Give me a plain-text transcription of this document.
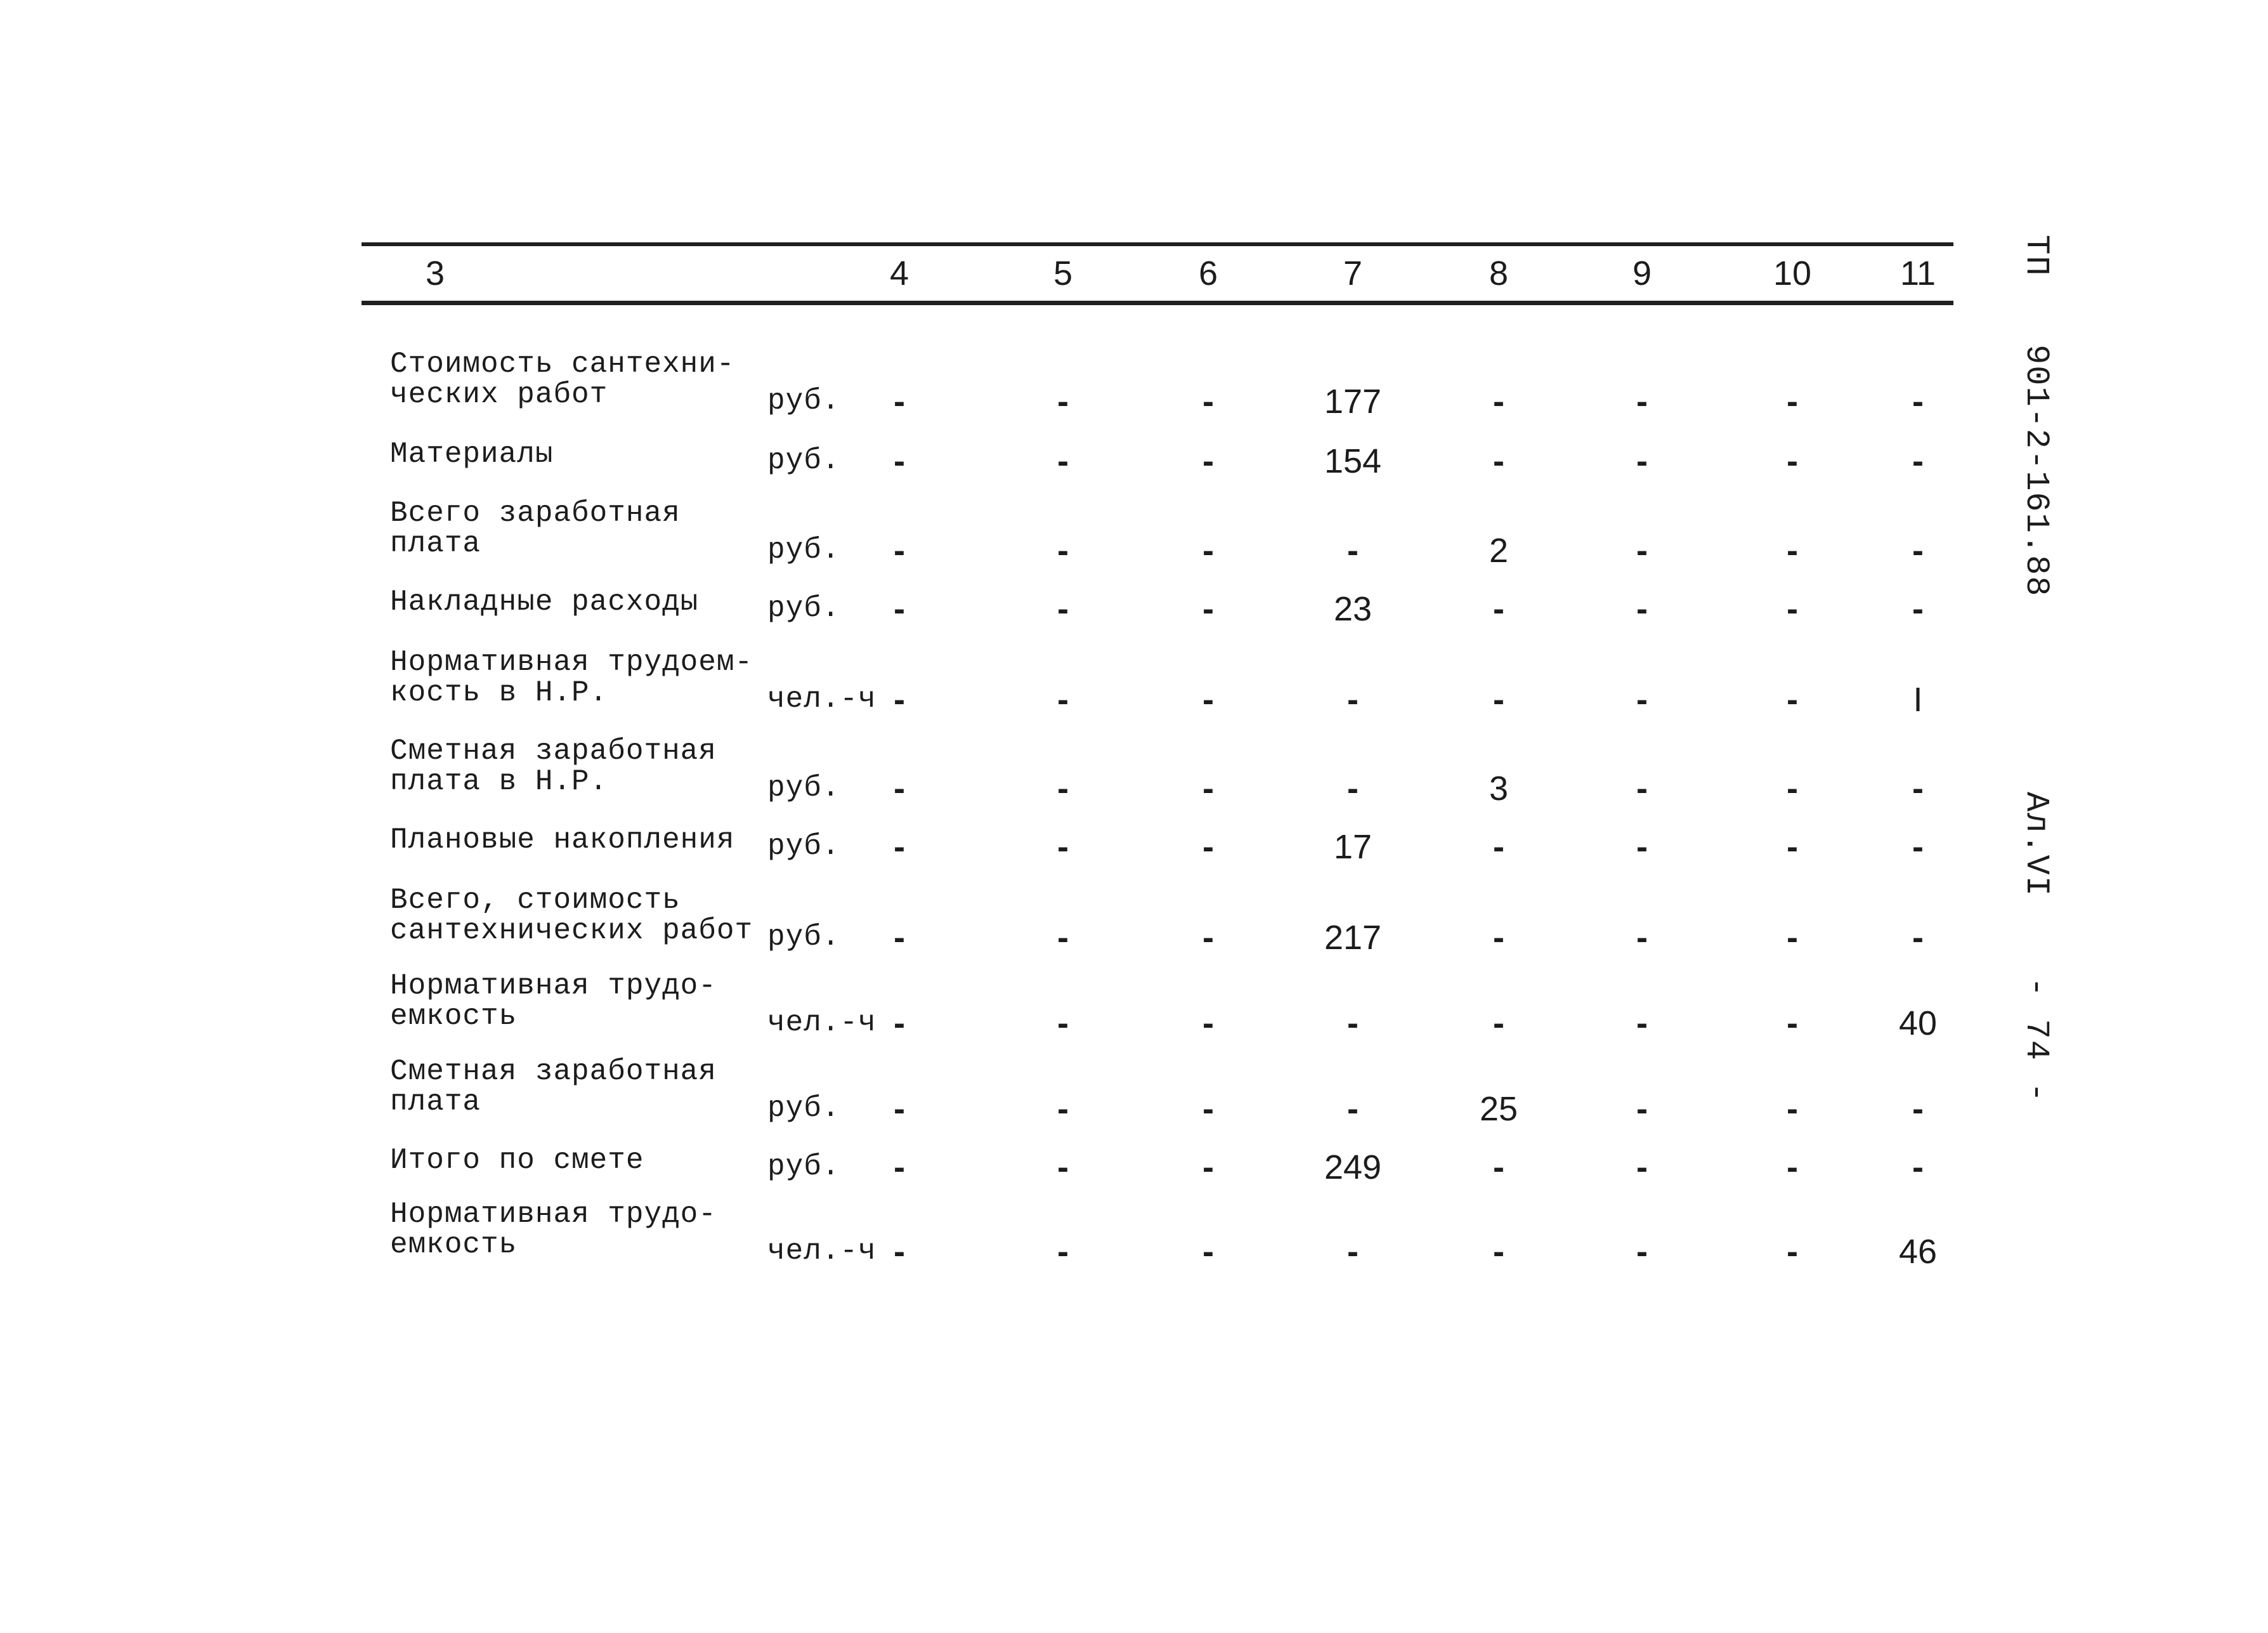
3	4	5	6	7	8	9	10	11
Стоимость сантехни-
ческих работ	руб.	-	-	-	177	-	-	-	-
Материалы	руб.	-	-	-	154	-	-	-	-
Всего заработная
плата	руб.	-	-	-	-	2	-	-	-
Накладные расходы	руб.	-	-	-	23	-	-	-	-
Нормативная трудоем-
кость в Н.Р.	чел.-ч -	-	-	-	-	-	-	I
Сметная заработная
плата в Н.Р.	руб.	-	-	-	-	3	-	-	-
Плановые накопления	руб.	-	-	-	17	-	-	-	-
Всего, стоимость
сантехнических работ руб.	-	-	-	217	-	-	-	-
Нормативная трудо-
емкость	чел.-ч -	-	-	-	-	-	-	40
Сметная заработная
плата	руб.	-	-	-	-	25	-	-	-
Итого по смете	руб.	-	-	-	249	-	-	-	-
Нормативная трудо-
емкость	чел.-ч -	-	-	-	-	-	-	46
ТП  901-2-161.88  Ал.VI  - 74 -
